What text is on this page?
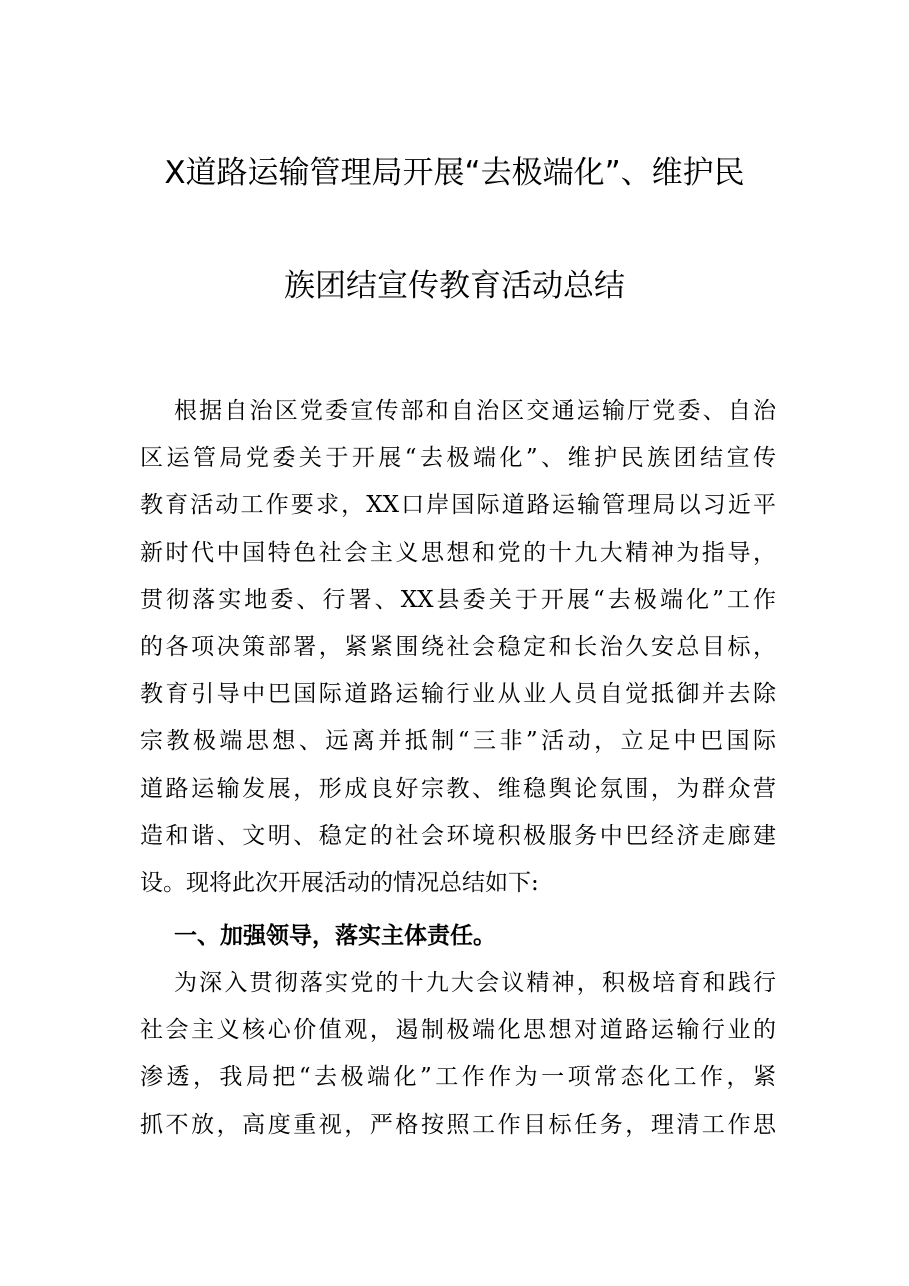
X道路运输管理局开展“去极端化”、维护民
族团结宣传教育活动总结
根据自治区党委宣传部和自治区交通运输厅党委、自治
区运管局党委关于开展“去极端化”、维护民族团结宣传
教育活动工作要求，XX口岸国际道路运输管理局以习近平
新时代中国特色社会主义思想和党的十九大精神为指导，
贯彻落实地委、行署、XX县委关于开展“去极端化”工作
的各项决策部署，紧紧围绕社会稳定和长治久安总目标，
教育引导中巴国际道路运输行业从业人员自觉抵御并去除
宗教极端思想、远离并抵制“三非”活动，立足中巴国际
道路运输发展，形成良好宗教、维稳舆论氛围，为群众营
造和谐、文明、稳定的社会环境积极服务中巴经济走廊建
设。现将此次开展活动的情况总结如下:
一、加强领导，落实主体责任。
为深入贯彻落实党的十九大会议精神，积极培育和践行
社会主义核心价值观，遏制极端化思想对道路运输行业的
渗透，我局把“去极端化”工作作为一项常态化工作，紧
抓不放，高度重视，严格按照工作目标任务，理清工作思
